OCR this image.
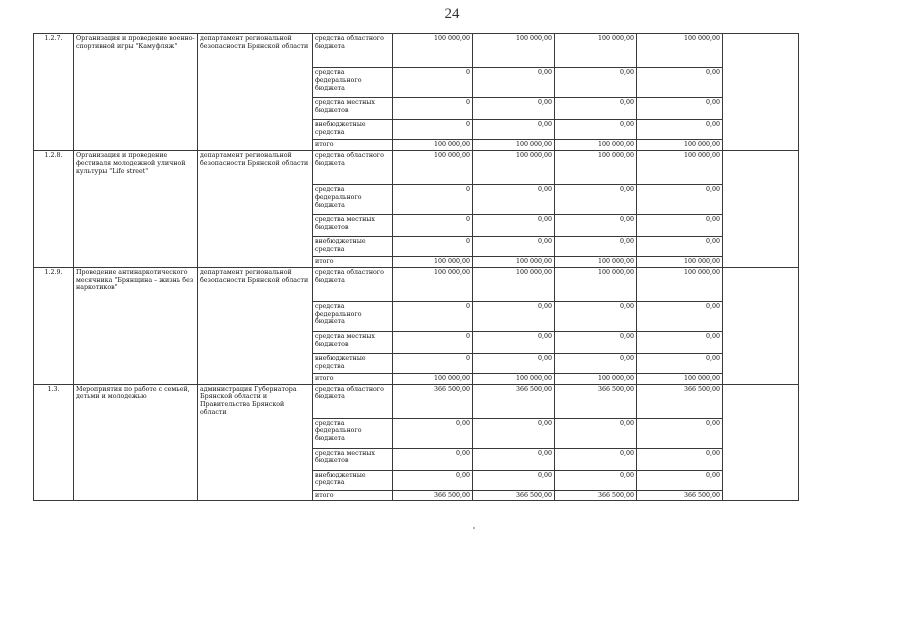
24
1.2.7.	Организация и проведение военно-спортивной игры "Камуфляж"	департамент региональной безопасности Брянской области	средства областного бюджета	100 000,00	100 000,00	100 000,00	100 000,00	
			средства федерального бюджета	0	0,00	0,00	0,00	
			средства местных бюджетов	0	0,00	0,00	0,00	
			внебюджетные средства	0	0,00	0,00	0,00	
			итого	100 000,00	100 000,00	100 000,00	100 000,00	
1.2.8.	Организация и проведение фестиваля молодежной уличной культуры "Life street"	департамент региональной безопасности Брянской области	средства областного бюджета	100 000,00	100 000,00	100 000,00	100 000,00	
			средства федерального бюджета	0	0,00	0,00	0,00	
			средства местных бюджетов	0	0,00	0,00	0,00	
			внебюджетные средства	0	0,00	0,00	0,00	
			итого	100 000,00	100 000,00	100 000,00	100 000,00	
1.2.9.	Проведение антинаркотического месячника "Брянщина – жизнь без наркотиков"	департамент региональной безопасности Брянской области	средства областного бюджета	100 000,00	100 000,00	100 000,00	100 000,00	
			средства федерального бюджета	0	0,00	0,00	0,00	
			средства местных бюджетов	0	0,00	0,00	0,00	
			внебюджетные средства	0	0,00	0,00	0,00	
			итого	100 000,00	100 000,00	100 000,00	100 000,00	
1.3.	Мероприятия по работе с семьей, детьми и молодежью	администрация Губернатора Брянской области и Правительства Брянской области	средства областного бюджета	366 500,00	366 500,00	366 500,00	366 500,00	
			средства федерального бюджета	0,00	0,00	0,00	0,00	
			средства местных бюджетов	0,00	0,00	0,00	0,00	
			внебюджетные средства	0,00	0,00	0,00	0,00	
			итого	366 500,00	366 500,00	366 500,00	366 500,00	
